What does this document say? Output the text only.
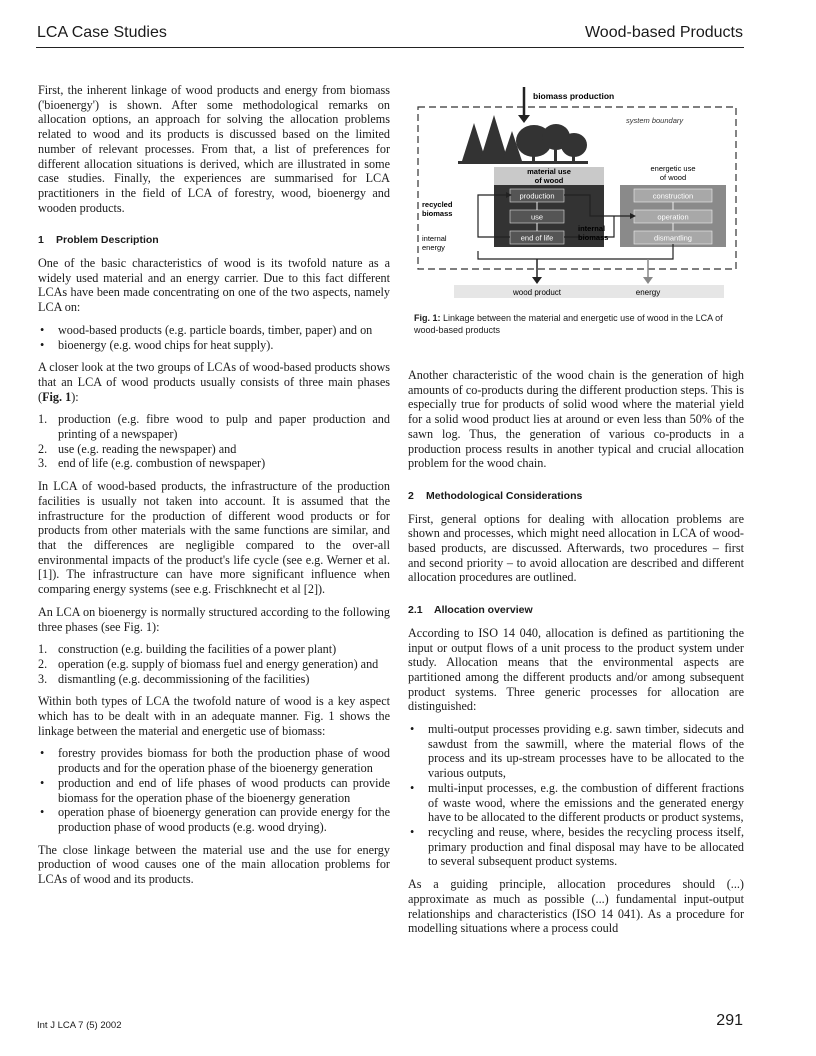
LCA Case Studies	Wood-based Products

First, the inherent linkage of wood products and energy from biomass ('bioenergy') is shown. After some methodological remarks on allocation options, an approach for solving the allocation problems related to wood and its products is discussed based on the limited number of relevant processes. From that, a list of preferences for different allocation situations is derived, which are illustrated in some case studies. Finally, the experiences are summarised for LCA practitioners in the field of LCA of forestry, wood, bioenergy and wooden products.

1 Problem Description

One of the basic characteristics of wood is its twofold nature as a widely used material and an energy carrier. Due to this fact different LCAs have been made concentrating on one of the two aspects, namely LCA on:

• wood-based products (e.g. particle boards, timber, paper) and on
• bioenergy (e.g. wood chips for heat supply).

A closer look at the two groups of LCAs of wood-based products shows that an LCA of wood products usually consists of three main phases (Fig. 1):

1. production (e.g. fibre wood to pulp and paper production and printing of a newspaper)
2. use (e.g. reading the newspaper) and
3. end of life (e.g. combustion of newspaper)

In LCA of wood-based products, the infrastructure of the production facilities is usually not taken into account. It is assumed that the infrastructure for the production of different wood products or for products from other materials with the same functions are similar, and that the differences are negligible compared to the over-all environmental impacts of the product's life cycle (see e.g. Werner et al. [1]). The infrastructure can have more significant influence when comparing energy systems (see e.g. Frischknecht et al [2]).

An LCA on bioenergy is normally structured according to the following three phases (see Fig. 1):

1. construction (e.g. building the facilities of a power plant)
2. operation (e.g. supply of biomass fuel and energy generation) and
3. dismantling (e.g. decommissioning of the facilities)

Within both types of LCA the twofold nature of wood is a key aspect which has to be dealt with in an adequate manner. Fig. 1 shows the linkage between the material and energetic use of biomass:

• forestry provides biomass for both the production phase of wood products and for the operation phase of the bioenergy generation
• production and end of life phases of wood products can provide biomass for the operation phase of the bioenergy generation
• operation phase of bioenergy generation can provide energy for the production phase of wood products (e.g. wood drying).

The close linkage between the material use and the use for energy production of wood causes one of the main allocation problems for LCAs of wood and its products.

biomass production
system boundary
material use
of wood
energetic use
of wood
production
use
end of life
construction
operation
dismantling
recycled
biomass
internal
energy
internal
biomass
wood product	energy
Fig. 1: Linkage between the material and energetic use of wood in the LCA of wood-based products

Another characteristic of the wood chain is the generation of high amounts of co-products during the different production steps. This is especially true for products of solid wood where the material yield for a solid wood product lies at around or even less than 50% of the sawn log. Thus, the generation of various co-products in a production process results in another typical and crucial allocation problem for the wood chain.

2 Methodological Considerations

First, general options for dealing with allocation problems are shown and processes, which might need allocation in LCA of wood-based products, are discussed. Afterwards, two procedures – first and second priority – to avoid allocation are described and different allocation procedures are outlined.

2.1 Allocation overview

According to ISO 14 040, allocation is defined as partitioning the input or output flows of a unit process to the product system under study. Allocation means that the environmental aspects are partitioned among the different products and/or among subsequent product systems. Three generic processes for allocation are distinguished:

• multi-output processes providing e.g. sawn timber, sidecuts and sawdust from the sawmill, where the material flows of the process and its up-stream processes have to be allocated to the various outputs,
• multi-input processes, e.g. the combustion of different fractions of waste wood, where the emissions and the generated energy have to be allocated to the different products or product systems,
• recycling and reuse, where, besides the recycling process itself, primary production and final disposal may have to be allocated to several subsequent product systems.

As a guiding principle, allocation procedures should (...) approximate as much as possible (...) fundamental input-output relationships and characteristics (ISO 14 041). As a procedure for modelling situations where a process could

Int J LCA 7 (5) 2002	291
